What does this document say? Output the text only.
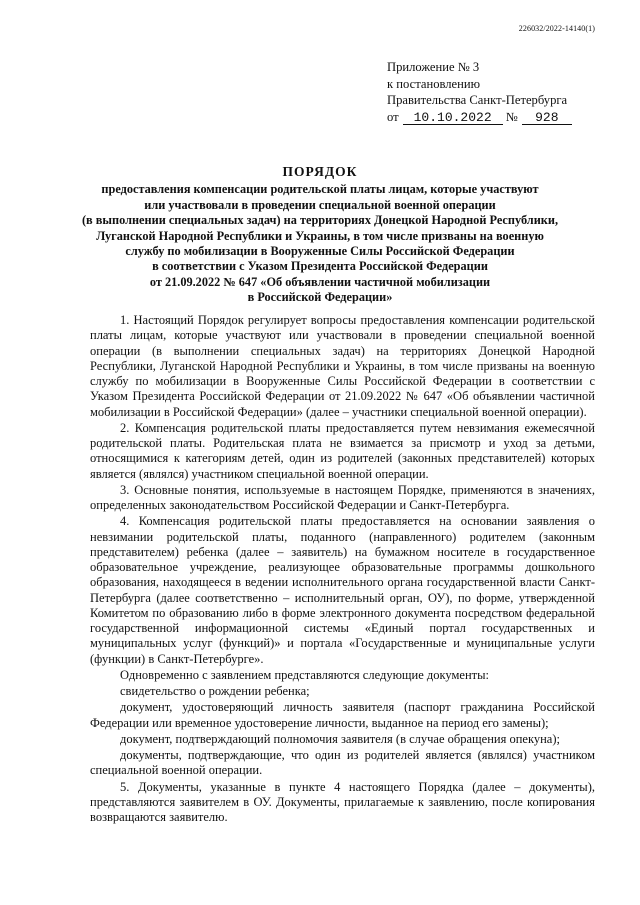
226032/2022-14140(1)
Приложение № 3
к постановлению
Правительства Санкт-Петербурга
от 10.10.2022 № 928
ПОРЯДОК
предоставления компенсации родительской платы лицам, которые участвуют
или участвовали в проведении специальной военной операции
(в выполнении специальных задач) на территориях Донецкой Народной Республики,
Луганской Народной Республики и Украины, в том числе призваны на военную
службу по мобилизации в Вооруженные Силы Российской Федерации
в соответствии с Указом Президента Российской Федерации
от 21.09.2022 № 647 «Об объявлении частичной мобилизации
в Российской Федерации»

1. Настоящий Порядок регулирует вопросы предоставления компенсации родительской платы лицам, которые участвуют или участвовали в проведении специальной военной операции (в выполнении специальных задач) на территориях Донецкой Народной Республики, Луганской Народной Республики и Украины, в том числе призваны на военную службу по мобилизации в Вооруженные Силы Российской Федерации в соответствии с Указом Президента Российской Федерации от 21.09.2022 № 647 «Об объявлении частичной мобилизации в Российской Федерации» (далее – участники специальной военной операции).

2. Компенсация родительской платы предоставляется путем невзимания ежемесячной родительской платы. Родительская плата не взимается за присмотр и уход за детьми, относящимися к категориям детей, один из родителей (законных представителей) которых является (являлся) участником специальной военной операции.

3. Основные понятия, используемые в настоящем Порядке, применяются в значениях, определенных законодательством Российской Федерации и Санкт-Петербурга.

4. Компенсация родительской платы предоставляется на основании заявления о невзимании родительской платы, поданного (направленного) родителем (законным представителем) ребенка (далее – заявитель) на бумажном носителе в государственное образовательное учреждение, реализующее образовательные программы дошкольного образования, находящееся в ведении исполнительного органа государственной власти Санкт-Петербурга (далее соответственно – исполнительный орган, ОУ), по форме, утвержденной Комитетом по образованию либо в форме электронного документа посредством федеральной государственной информационной системы «Единый портал государственных и муниципальных услуг (функций)» и портала «Государственные и муниципальные услуги (функции) в Санкт-Петербурге».

Одновременно с заявлением представляются следующие документы:

свидетельство о рождении ребенка;

документ, удостоверяющий личность заявителя (паспорт гражданина Российской Федерации или временное удостоверение личности, выданное на период его замены);

документ, подтверждающий полномочия заявителя (в случае обращения опекуна);

документы, подтверждающие, что один из родителей является (являлся) участником специальной военной операции.

5. Документы, указанные в пункте 4 настоящего Порядка (далее – документы), представляются заявителем в ОУ. Документы, прилагаемые к заявлению, после копирования возвращаются заявителю.
